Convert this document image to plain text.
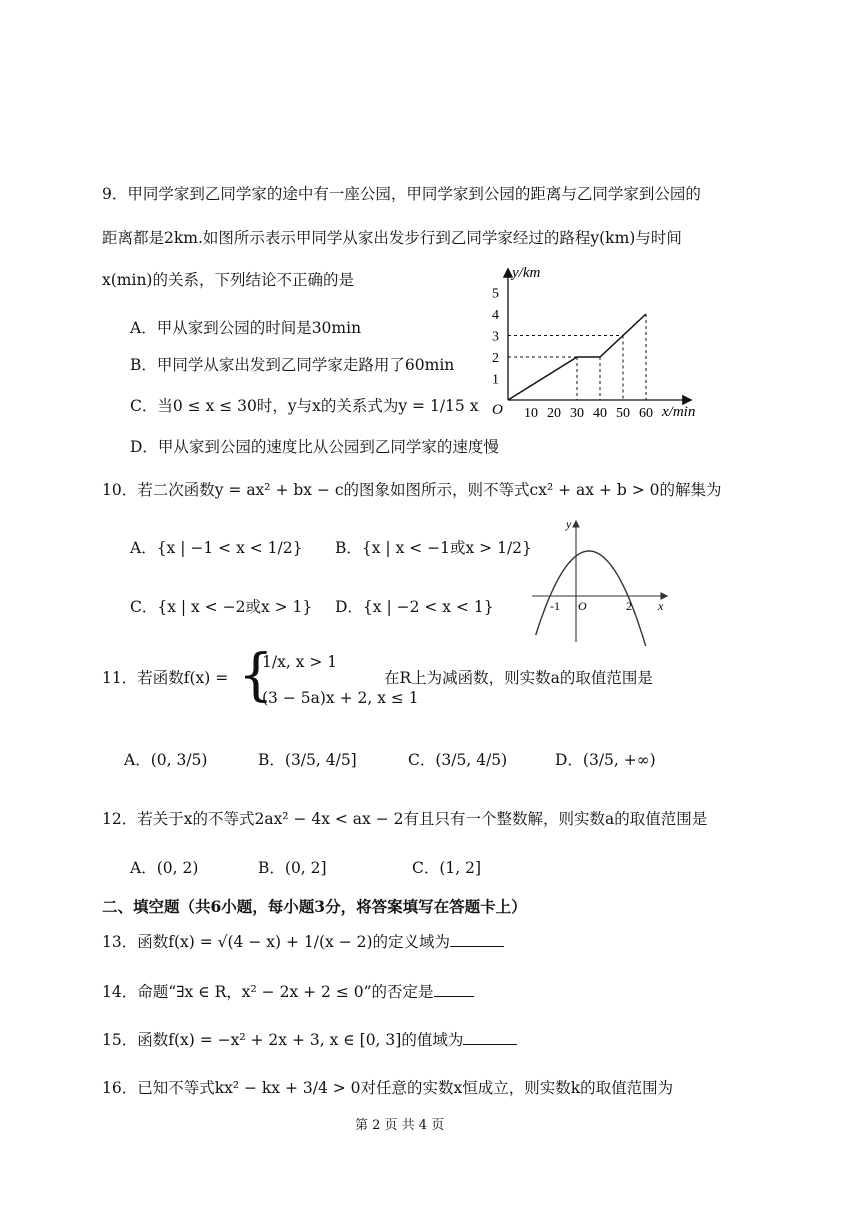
9．甲同学家到乙同学家的途中有一座公园，甲同学家到公园的距离与乙同学家到公园的
距离都是2km.如图所示表示甲同学从家出发步行到乙同学家经过的路程y(km)与时间
x(min)的关系，下列结论不正确的是
A．甲从家到公园的时间是30min
B．甲同学从家出发到乙同学家走路用了60min
C．当0 ≤ x ≤ 30时，y与x的关系式为y = 1/15 x
D．甲从家到公园的速度比从公园到乙同学家的速度慢
10 20 30 40 50 60
1
2
3
4
5
y/km
x/min
O
10．若二次函数y = ax² + bx − c的图象如图所示，则不等式cx² + ax + b > 0的解集为
A．{x | −1 < x < 1/2} B．{x | x < −1或x > 1/2}
C．{x | x < −2或x > 1} D．{x | −2 < x < 1}
y
x
O
-1	2
11．若函数f(x) = {
1/x, x > 1
(3 − 5a)x + 2, x ≤ 1
在R上为减函数，则实数a的取值范围是
A．(0, 3/5)	B．(3/5, 4/5]	C．(3/5, 4/5)	D．(3/5, +∞)
12．若关于x的不等式2ax² − 4x < ax − 2有且只有一个整数解，则实数a的取值范围是
A．(0, 2)	B．(0, 2]	C．(1, 2]
二、填空题（共6小题，每小题3分，将答案填写在答题卡上）
13．函数f(x) = √(4 − x) + 1/(x − 2)的定义域为
14．命题“∃x ∈ R，x² − 2x + 2 ≤ 0”的否定是
15．函数f(x) = −x² + 2x + 3, x ∈ [0, 3]的值域为
16．已知不等式kx² − kx + 3/4 > 0对任意的实数x恒成立，则实数k的取值范围为
第 2 页 共 4 页
